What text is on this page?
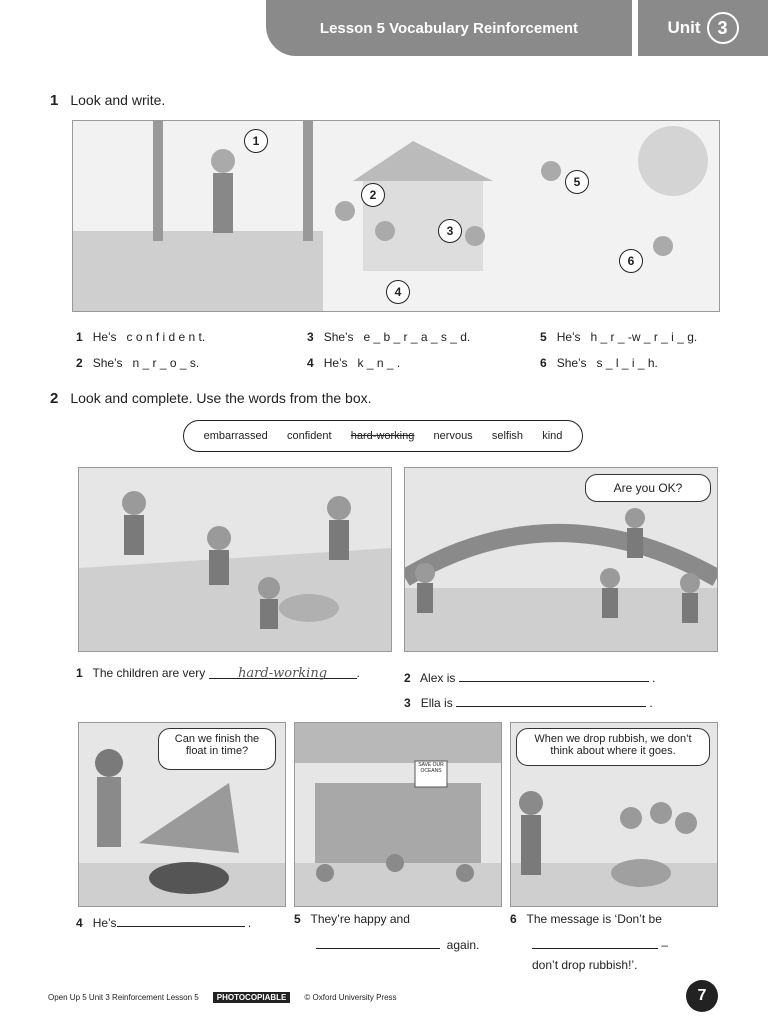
Lesson 5 Vocabulary Reinforcement	Unit 3
1 Look and write.
1
2
3
4
5
6
1 He’s c o n f i d e n t.
2 She’s n _ r _ o _ s.
3 She’s e _ b _ r _ a _ s _ d.
4 He’s k _ n _ .
5 He’s h _ r _ -w _ r _ i _ g.
6 She’s s _ l _ i _ h.
2 Look and complete. Use the words from the box.
embarrassed confident hard-working nervous selfish kind
Are you OK?
1 The children are very	hard-working .	2 Alex is	.
3 Ella is	.
Can we finish the float in time?
SAVE OUR OCEANS
When we drop rubbish, we don’t think about where it goes.
4 He’s	.	5 They’re happy and
again.
6 The message is ‘Don’t be
–
don’t drop rubbish!’.
Open Up 5 Unit 3 Reinforcement Lesson 5	PHOTOCOPIABLE	© Oxford University Press	7
